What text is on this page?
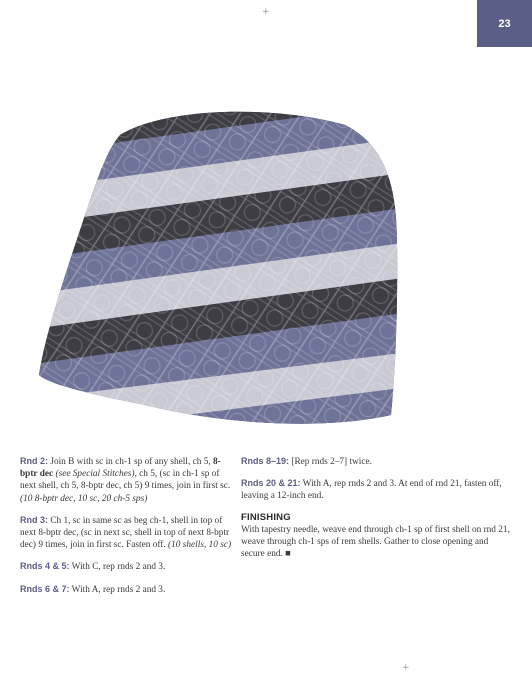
23

Rnd 2: Join B with sc in ch-1 sp of any shell, ch 5, 8-bptr dec (see Special Stitches), ch 5, (sc in ch-1 sp of next shell, ch 5, 8-bptr dec, ch 5) 9 times, join in first sc. (10 8-bptr dec, 10 sc, 20 ch-5 sps)

Rnd 3: Ch 1, sc in same sc as beg ch-1, shell in top of next 8-bptr dec, (sc in next sc, shell in top of next 8-bptr dec) 9 times, join in first sc. Fasten off. (10 shells, 10 sc)

Rnds 4 & 5: With C, rep rnds 2 and 3.

Rnds 6 & 7: With A, rep rnds 2 and 3.

Rnds 8–19: [Rep rnds 2–7] twice.

Rnds 20 & 21: With A, rep rnds 2 and 3. At end of rnd 21, fasten off, leaving a 12-inch end.

FINISHING

With tapestry needle, weave end through ch-1 sp of first shell on rnd 21, weave through ch-1 sps of rem shells. Gather to close opening and secure end. ■

+
+
